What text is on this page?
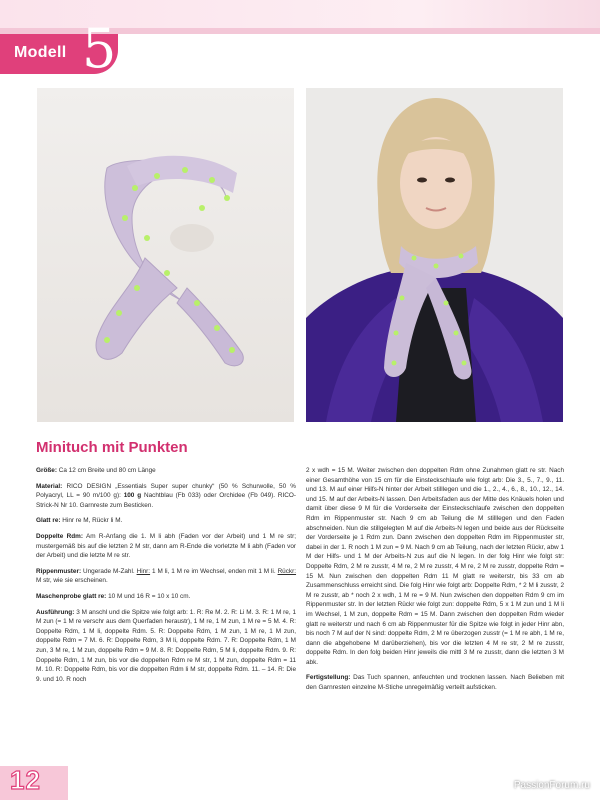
Modell 5
Minituch mit Punkten

Größe: Ca 12 cm Breite und 80 cm Länge

Material: RICO DESIGN „Essentials Super super chunky“ (50 % Schurwolle, 50 % Polyacryl, LL = 90 m/100 g): 100 g Nachtblau (Fb 033) oder Orchidee (Fb 049). RICO-Strick-N Nr 10. Garnreste zum Besticken.

Glatt re: Hinr re M, Rückr li M.

Doppelte Rdm: Am R-Anfang die 1. M li abh (Faden vor der Arbeit) und 1 M re str; mustergemäß bis auf die letzten 2 M str, dann am R-Ende die vorletzte M li abh (Faden vor der Arbeit) und die letzte M re str.

Rippenmuster: Ungerade M-Zahl. Hinr: 1 M li, 1 M re im Wechsel, enden mit 1 M li. Rückr: M str, wie sie erscheinen.

Maschenprobe glatt re: 10 M und 16 R = 10 x 10 cm.

Ausführung: 3 M anschl und die Spitze wie folgt arb: 1. R: Re M. 2. R: Li M. 3. R: 1 M re, 1 M zun (= 1 M re verschr aus dem Querfaden heraustr), 1 M re, 1 M zun, 1 M re = 5 M. 4. R: Doppelte Rdm, 1 M li, doppelte Rdm. 5. R: Doppelte Rdm, 1 M zun, 1 M re, 1 M zun, doppelte Rdm = 7 M. 6. R: Doppelte Rdm, 3 M li, doppelte Rdm. 7. R: Doppelte Rdm, 1 M zun, 3 M re, 1 M zun, doppelte Rdm = 9 M. 8. R: Doppelte Rdm, 5 M li, doppelte Rdm. 9. R: Doppelte Rdm, 1 M zun, bis vor die doppelten Rdm re M str, 1 M zun, doppelte Rdm = 11 M. 10. R: Doppelte Rdm, bis vor die doppelten Rdm li M str, doppelte Rdm. 11. – 14. R: Die 9. und 10. R noch

2 x wdh = 15 M. Weiter zwischen den doppelten Rdm ohne Zunahmen glatt re str. Nach einer Gesamthöhe von 15 cm für die Einsteckschlaufe wie folgt arb: Die 3., 5., 7., 9., 11. und 13. M auf einer Hilfs-N hinter der Arbeit stilllegen und die 1., 2., 4., 6., 8., 10., 12., 14. und 15. M auf der Arbeits-N lassen. Den Arbeitsfaden aus der Mitte des Knäuels holen und damit über diese 9 M für die Vorderseite der Einsteckschlaufe zwischen den doppelten Rdm im Rippenmuster str. Nach 9 cm ab Teilung die M stilllegen und den Faden abschneiden. Nun die stillgelegten M auf die Arbeits-N legen und beide aus der Rückseite der Vorderseite je 1 Rdm zun. Dann zwischen den doppelten Rdm im Rippenmuster str, dabei in der 1. R noch 1 M zun = 9 M. Nach 9 cm ab Teilung, nach der letzten Rückr, abw 1 M der Hilfs- und 1 M der Arbeits-N zus auf die N legen. In der folg Hinr wie folgt str: Doppelte Rdm, 2 M re zusstr, 4 M re, 2 M re zusstr, 4 M re, 2 M re zusstr, doppelte Rdm = 15 M. Nun zwischen den doppelten Rdm 11 M glatt re weiterstr, bis 33 cm ab Zusammenschluss erreicht sind. Die folg Hinr wie folgt arb: Doppelte Rdm, * 2 M li zusstr, 2 M re zusstr, ab * noch 2 x wdh, 1 M re = 9 M. Nun zwischen den doppelten Rdm 9 cm im Rippenmuster str. In der letzten Rückr wie folgt zun: doppelte Rdm, 5 x 1 M zun und 1 M li im Wechsel, 1 M zun, doppelte Rdm = 15 M. Dann zwischen den doppelten Rdm wieder glatt re weiterstr und nach 6 cm ab Rippenmuster für die Spitze wie folgt in jeder Hinr abn, bis noch 7 M auf der N sind: doppelte Rdm, 2 M re überzogen zusstr (= 1 M re abh, 1 M re, dann die abgehobene M darüberziehen), bis vor die letzten 4 M re str, 2 M re zusstr, doppelte Rdm. In den folg beiden Hinr jeweils die mittl 3 M re zusstr, dann die letzten 3 M abk.

Fertigstellung: Das Tuch spannen, anfeuchten und trocknen lassen. Nach Belieben mit den Garnresten einzelne M-Stiche unregelmäßig verteilt aufsticken.

12	PassionForum.ru
